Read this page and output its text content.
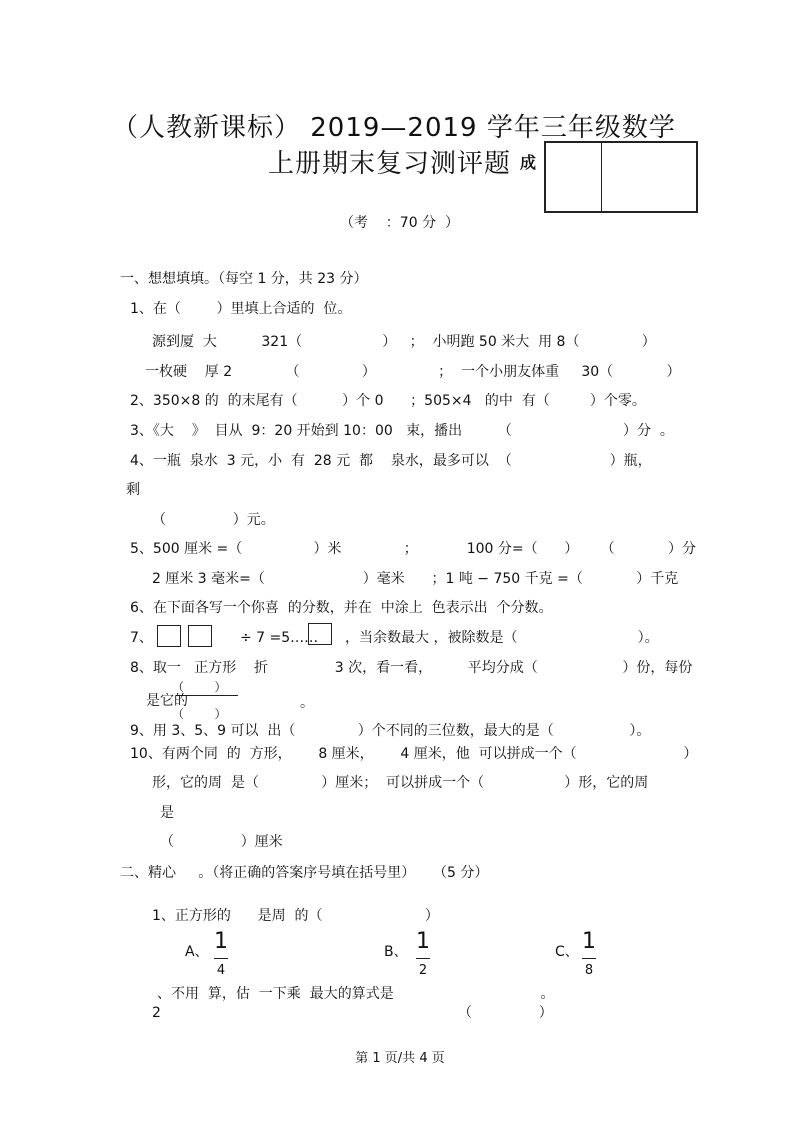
（人教新课标） 2019—2019 学年三年级数学
上册期末复习测评题 成
（考    ：70 分  ）
一、想想填填。（每空 1 分，共 23 分）
1、在（        ）里填上合适的  位。
源到厦  大          321（                  ）   ；  小明跑 50 米大  用 8（              ）
一枚硬    厚 2            （              ）              ；  一个小朋友体重     30（            ）
2、350×8 的  的末尾有（          ）个 0      ；505×4   的中  有（         ）个零。
3、《大    》  目从  9：20 开始到 10：00   束，播出        （                         ）分  。
4、一瓶  泉水  3 元，小  有  28 元  都    泉水，最多可以  （                      ）瓶，
剩
（               ）元。
5、500 厘米 =（                ）米              ；           100 分=（      ）     （            ）分
2 厘米 3 毫米=（                      ）毫米      ；1 吨 − 750 千克 =（            ）千克
6、在下面各写一个你喜  的分数，并在  中涂上  色表示出  个分数。
7、	÷ 7 =5…… ，当余数最大 ，被除数是（                           ）。
8、取一   正方形    折               3 次，看一看，        平均分成（                   ）份，每份
（        ）
是它的	。
（        ）
9、用 3、5、9 可以  出（              ）个不同的三位数，最大的是（                 ）。
10、有两个同  的  方形，      8 厘米，      4 厘米，他  可以拼成一个（                        ）
形，它的周  是（              ）厘米；  可以拼成一个（                  ）形，它的周
是
（               ）厘米
二、精心     。（将正确的答案序号填在括号里）    （5 分）
1、正方形的      是周  的（                       ）
A、 1
4
B、 1
2
C、 1
8
、不用  算，估  一下乘  最大的算式是                                 。
2	（               ）
第 1 页/共 4 页
